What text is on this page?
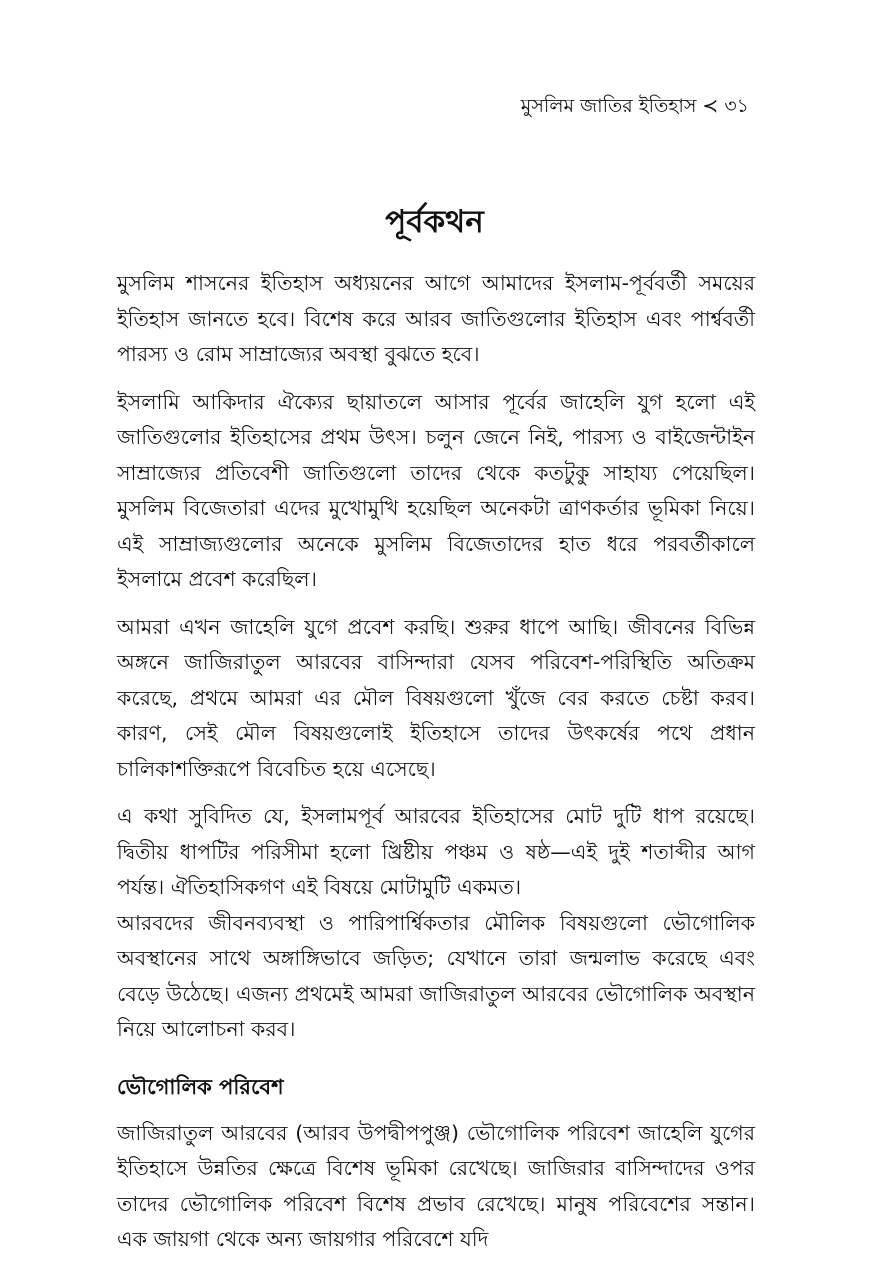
মুসলিম জাতির ইতিহাস ≺ ৩১
পূর্বকথন

মুসলিম শাসনের ইতিহাস অধ্যয়নের আগে আমাদের ইসলাম-পূর্ববর্তী সময়ের ইতিহাস জানতে হবে। বিশেষ করে আরব জাতিগুলোর ইতিহাস এবং পার্শ্ববর্তী পারস্য ও রোম সাম্রাজ্যের অবস্থা বুঝতে হবে।

ইসলামি আকিদার ঐক্যের ছায়াতলে আসার পূর্বের জাহেলি যুগ হলো এই জাতিগুলোর ইতিহাসের প্রথম উৎস। চলুন জেনে নিই, পারস্য ও বাইজেন্টাইন সাম্রাজ্যের প্রতিবেশী জাতিগুলো তাদের থেকে কতটুকু সাহায্য পেয়েছিল। মুসলিম বিজেতারা এদের মুখোমুখি হয়েছিল অনেকটা ত্রাণকর্তার ভূমিকা নিয়ে। এই সাম্রাজ্যগুলোর অনেকে মুসলিম বিজেতাদের হাত ধরে পরবর্তীকালে ইসলামে প্রবেশ করেছিল।

আমরা এখন জাহেলি যুগে প্রবেশ করছি। শুরুর ধাপে আছি। জীবনের বিভিন্ন অঙ্গনে জাজিরাতুল আরবের বাসিন্দারা যেসব পরিবেশ-পরিস্থিতি অতিক্রম করেছে, প্রথমে আমরা এর মৌল বিষয়গুলো খুঁজে বের করতে চেষ্টা করব। কারণ, সেই মৌল বিষয়গুলোই ইতিহাসে তাদের উৎকর্ষের পথে প্রধান চালিকাশক্তিরূপে বিবেচিত হয়ে এসেছে।

এ কথা সুবিদিত যে, ইসলামপূর্ব আরবের ইতিহাসের মোট দুটি ধাপ রয়েছে। দ্বিতীয় ধাপটির পরিসীমা হলো খ্রিষ্টীয় পঞ্চম ও ষষ্ঠ—এই দুই শতাব্দীর আগ পর্যন্ত। ঐতিহাসিকগণ এই বিষয়ে মোটামুটি একমত।

আরবদের জীবনব্যবস্থা ও পারিপার্শ্বিকতার মৌলিক বিষয়গুলো ভৌগোলিক অবস্থানের সাথে অঙ্গাঙ্গিভাবে জড়িত; যেখানে তারা জন্মলাভ করেছে এবং বেড়ে উঠেছে। এজন্য প্রথমেই আমরা জাজিরাতুল আরবের ভৌগোলিক অবস্থান নিয়ে আলোচনা করব।

ভৌগোলিক পরিবেশ

জাজিরাতুল আরবের (আরব উপদ্বীপপুঞ্জ) ভৌগোলিক পরিবেশ জাহেলি যুগের ইতিহাসে উন্নতির ক্ষেত্রে বিশেষ ভূমিকা রেখেছে। জাজিরার বাসিন্দাদের ওপর তাদের ভৌগোলিক পরিবেশ বিশেষ প্রভাব রেখেছে। মানুষ পরিবেশের সন্তান। এক জায়গা থেকে অন্য জায়গার পরিবেশে যদি
